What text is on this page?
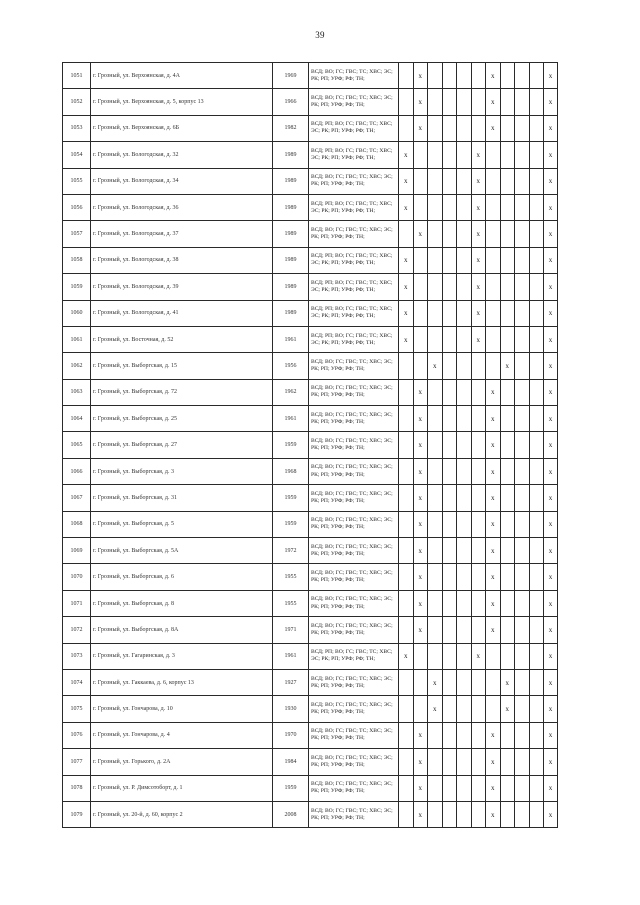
39
1051	г. Грозный, ул. Верхоянская, д. 4А	1969	ВСД; ВО; ГС; ГВС; ТС; ХВС; ЭС; РК; РП; УРФ; РФ; ТН;		x					x				x
1052	г. Грозный, ул. Верхоянская, д. 5, корпус 13	1966	ВСД; ВО; ГС; ГВС; ТС; ХВС; ЭС; РК; РП; УРФ; РФ; ТН;		x					x				x
1053	г. Грозный, ул. Верхоянская, д. 6Б	1982	ВСД; РП; ВО; ГС; ГВС; ТС; ХВС; ЭС; РК; РП; УРФ; РФ; ТН;		x					x				x
1054	г. Грозный, ул. Вологодская, д. 32	1989	ВСД; РП; ВО; ГС; ГВС; ТС; ХВС; ЭС; РК; РП; УРФ; РФ; ТН;	x					x					x
1055	г. Грозный, ул. Вологодская, д. 34	1989	ВСД; ВО; ГС; ГВС; ТС; ХВС; ЭС; РК; РП; УРФ; РФ; ТН;	x					x					x
1056	г. Грозный, ул. Вологодская, д. 36	1989	ВСД; РП; ВО; ГС; ГВС; ТС; ХВС; ЭС; РК; РП; УРФ; РФ; ТН;	x					x					x
1057	г. Грозный, ул. Вологодская, д. 37	1989	ВСД; ВО; ГС; ГВС; ТС; ХВС; ЭС; РК; РП; УРФ; РФ; ТН;		x				x					x
1058	г. Грозный, ул. Вологодская, д. 38	1989	ВСД; РП; ВО; ГС; ГВС; ТС; ХВС; ЭС; РК; РП; УРФ; РФ; ТН;	x					x					x
1059	г. Грозный, ул. Вологодская, д. 39	1989	ВСД; РП; ВО; ГС; ГВС; ТС; ХВС; ЭС; РК; РП; УРФ; РФ; ТН;	x					x					x
1060	г. Грозный, ул. Вологодская, д. 41	1989	ВСД; РП; ВО; ГС; ГВС; ТС; ХВС; ЭС; РК; РП; УРФ; РФ; ТН;	x					x					x
1061	г. Грозный, ул. Восточная, д. 52	1961	ВСД; РП; ВО; ГС; ГВС; ТС; ХВС; ЭС; РК; РП; УРФ; РФ; ТН;	x					x					x
1062	г. Грозный, ул. Выборгская, д. 15	1956	ВСД; ВО; ГС; ГВС; ТС; ХВС; ЭС; РК; РП; УРФ; РФ; ТН;			x					x			x
1063	г. Грозный, ул. Выборгская, д. 72	1962	ВСД; ВО; ГС; ГВС; ТС; ХВС; ЭС; РК; РП; УРФ; РФ; ТН;		x					x				x
1064	г. Грозный, ул. Выборгская, д. 25	1961	ВСД; ВО; ГС; ГВС; ТС; ХВС; ЭС; РК; РП; УРФ; РФ; ТН;		x					x				x
1065	г. Грозный, ул. Выборгская, д. 27	1959	ВСД; ВО; ГС; ГВС; ТС; ХВС; ЭС; РК; РП; УРФ; РФ; ТН;		x					x				x
1066	г. Грозный, ул. Выборгская, д. 3	1968	ВСД; ВО; ГС; ГВС; ТС; ХВС; ЭС; РК; РП; УРФ; РФ; ТН;		x					x				x
1067	г. Грозный, ул. Выборгская, д. 31	1959	ВСД; ВО; ГС; ГВС; ТС; ХВС; ЭС; РК; РП; УРФ; РФ; ТН;		x					x				x
1068	г. Грозный, ул. Выборгская, д. 5	1959	ВСД; ВО; ГС; ГВС; ТС; ХВС; ЭС; РК; РП; УРФ; РФ; ТН;		x					x				x
1069	г. Грозный, ул. Выборгская, д. 5А	1972	ВСД; ВО; ГС; ГВС; ТС; ХВС; ЭС; РК; РП; УРФ; РФ; ТН;		x					x				x
1070	г. Грозный, ул. Выборгская, д. 6	1955	ВСД; ВО; ГС; ГВС; ТС; ХВС; ЭС; РК; РП; УРФ; РФ; ТН;		x					x				x
1071	г. Грозный, ул. Выборгская, д. 8	1955	ВСД; ВО; ГС; ГВС; ТС; ХВС; ЭС; РК; РП; УРФ; РФ; ТН;		x					x				x
1072	г. Грозный, ул. Выборгская, д. 8А	1971	ВСД; ВО; ГС; ГВС; ТС; ХВС; ЭС; РК; РП; УРФ; РФ; ТН;		x					x				x
1073	г. Грозный, ул. Гагаринская, д. 3	1961	ВСД; РП; ВО; ГС; ГВС; ТС; ХВС; ЭС; РК; РП; УРФ; РФ; ТН;	x					x					x
1074	г. Грозный, ул. Гаккаева, д. 6, корпус 13	1927	ВСД; ВО; ГС; ГВС; ТС; ХВС; ЭС; РК; РП; УРФ; РФ; ТН;			x					x			x
1075	г. Грозный, ул. Гончарова, д. 10	1930	ВСД; ВО; ГС; ГВС; ТС; ХВС; ЭС; РК; РП; УРФ; РФ; ТН;			x					x			x
1076	г. Грозный, ул. Гончарова, д. 4	1970	ВСД; ВО; ГС; ГВС; ТС; ХВС; ЭС; РК; РП; УРФ; РФ; ТН;		x					x				x
1077	г. Грозный, ул. Горького, д. 2А	1984	ВСД; ВО; ГС; ГВС; ТС; ХВС; ЭС; РК; РП; УРФ; РФ; ТН;		x					x				x
1078	г. Грозный, ул. Р. Димсотоборт, д. 1	1959	ВСД; ВО; ГС; ГВС; ТС; ХВС; ЭС; РК; РП; УРФ; РФ; ТН;		x					x				x
1079	г. Грозный, ул. 20-й, д. 60, корпус 2	2008	ВСД; ВО; ГС; ГВС; ТС; ХВС; ЭС; РК; РП; УРФ; РФ; ТН;		x					x				x
